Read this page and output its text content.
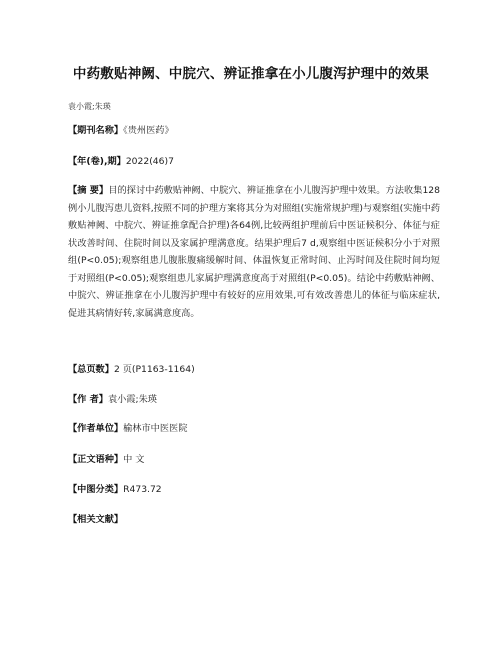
中药敷贴神阙、中脘穴、辨证推拿在小儿腹泻护理中的效果
袁小霞;朱瑛
【期刊名称】《贵州医药》
【年(卷),期】2022(46)7
【摘 要】目的探讨中药敷贴神阙、中脘穴、辨证推拿在小儿腹泻护理中效果。方法收集128例小儿腹泻患儿资料,按照不同的护理方案将其分为对照组(实施常规护理)与观察组(实施中药敷贴神阙、中脘穴、辨证推拿配合护理)各64例,比较两组护理前后中医证候积分、体征与症状改善时间、住院时间以及家属护理满意度。结果护理后7 d,观察组中医证候积分小于对照组(P<0.05);观察组患儿腹胀腹痛缓解时间、体温恢复正常时间、止泻时间及住院时间均短于对照组(P<0.05);观察组患儿家属护理满意度高于对照组(P<0.05)。结论中药敷贴神阙、中脘穴、辨证推拿在小儿腹泻护理中有较好的应用效果,可有效改善患儿的体征与临床症状,促进其病情好转,家属满意度高。
【总页数】2 页(P1163-1164)
【作 者】袁小霞;朱瑛
【作者单位】榆林市中医医院
【正文语种】中 文
【中图分类】R473.72
【相关文献】
